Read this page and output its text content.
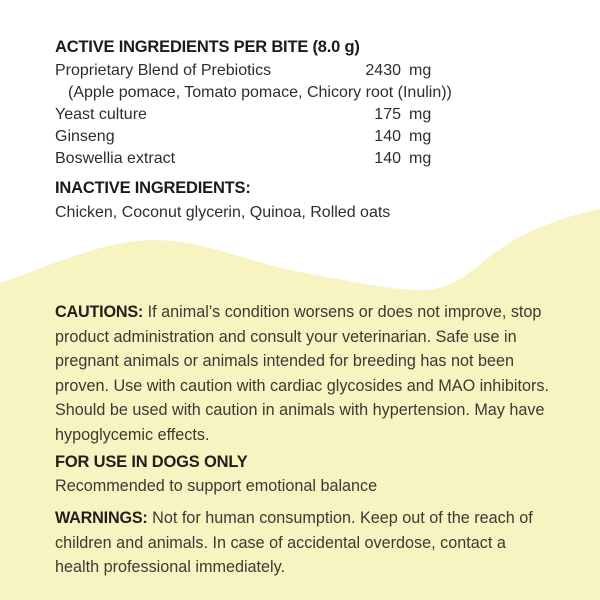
ACTIVE INGREDIENTS PER BITE (8.0 g)
Proprietary Blend of Prebiotics	2430 mg
(Apple pomace, Tomato pomace, Chicory root (Inulin))
Yeast culture	175 mg
Ginseng	140 mg
Boswellia extract	140 mg
INACTIVE INGREDIENTS:
Chicken, Coconut glycerin, Quinoa, Rolled oats

CAUTIONS: If animal’s condition worsens or does not improve, stop product administration and consult your veterinarian. Safe use in pregnant animals or animals intended for breeding has not been proven. Use with caution with cardiac glycosides and MAO inhibitors. Should be used with caution in animals with hypertension. May have hypoglycemic effects.

FOR USE IN DOGS ONLY

Recommended to support emotional balance

WARNINGS: Not for human consumption. Keep out of the reach of children and animals. In case of accidental overdose, contact a health professional immediately.
